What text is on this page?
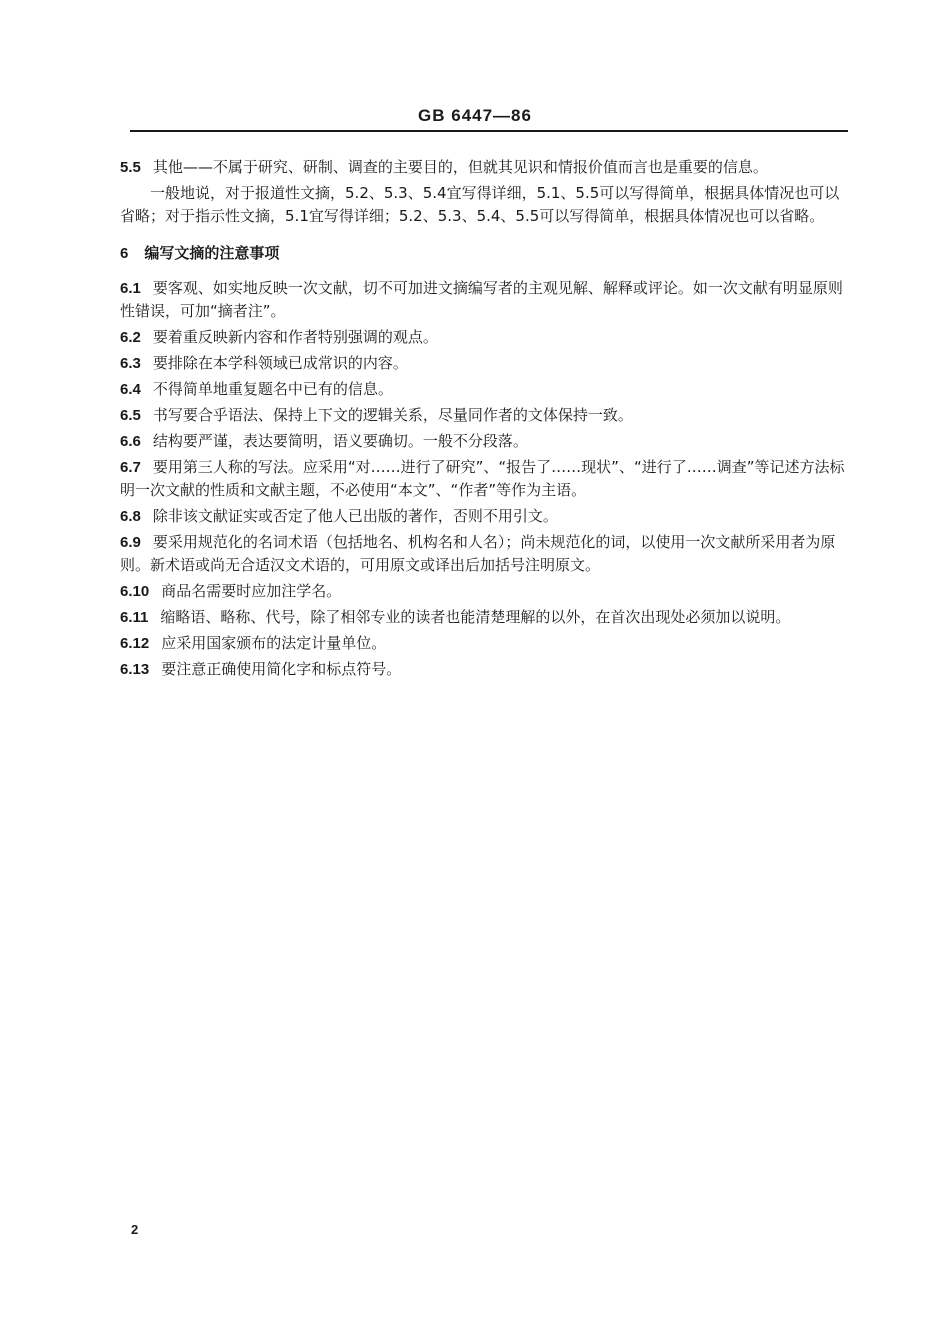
GB 6447—86

5.5 其他——不属于研究、研制、调查的主要目的，但就其见识和情报价值而言也是重要的信息。

一般地说，对于报道性文摘，5.2、5.3、5.4宜写得详细，5.1、5.5可以写得简单，根据具体情况也可以省略；对于指示性文摘，5.1宜写得详细；5.2、5.3、5.4、5.5可以写得简单，根据具体情况也可以省略。

6 编写文摘的注意事项

6.1 要客观、如实地反映一次文献，切不可加进文摘编写者的主观见解、解释或评论。如一次文献有明显原则性错误，可加“摘者注”。

6.2 要着重反映新内容和作者特别强调的观点。

6.3 要排除在本学科领域已成常识的内容。

6.4 不得简单地重复题名中已有的信息。

6.5 书写要合乎语法、保持上下文的逻辑关系，尽量同作者的文体保持一致。

6.6 结构要严谨，表达要简明，语义要确切。一般不分段落。

6.7 要用第三人称的写法。应采用“对……进行了研究”、“报告了……现状”、“进行了……调查”等记述方法标明一次文献的性质和文献主题，不必使用“本文”、“作者”等作为主语。

6.8 除非该文献证实或否定了他人已出版的著作，否则不用引文。

6.9 要采用规范化的名词术语（包括地名、机构名和人名）；尚未规范化的词，以使用一次文献所采用者为原则。新术语或尚无合适汉文术语的，可用原文或译出后加括号注明原文。

6.10 商品名需要时应加注学名。

6.11 缩略语、略称、代号，除了相邻专业的读者也能清楚理解的以外，在首次出现处必须加以说明。

6.12 应采用国家颁布的法定计量单位。

6.13 要注意正确使用简化字和标点符号。

2
